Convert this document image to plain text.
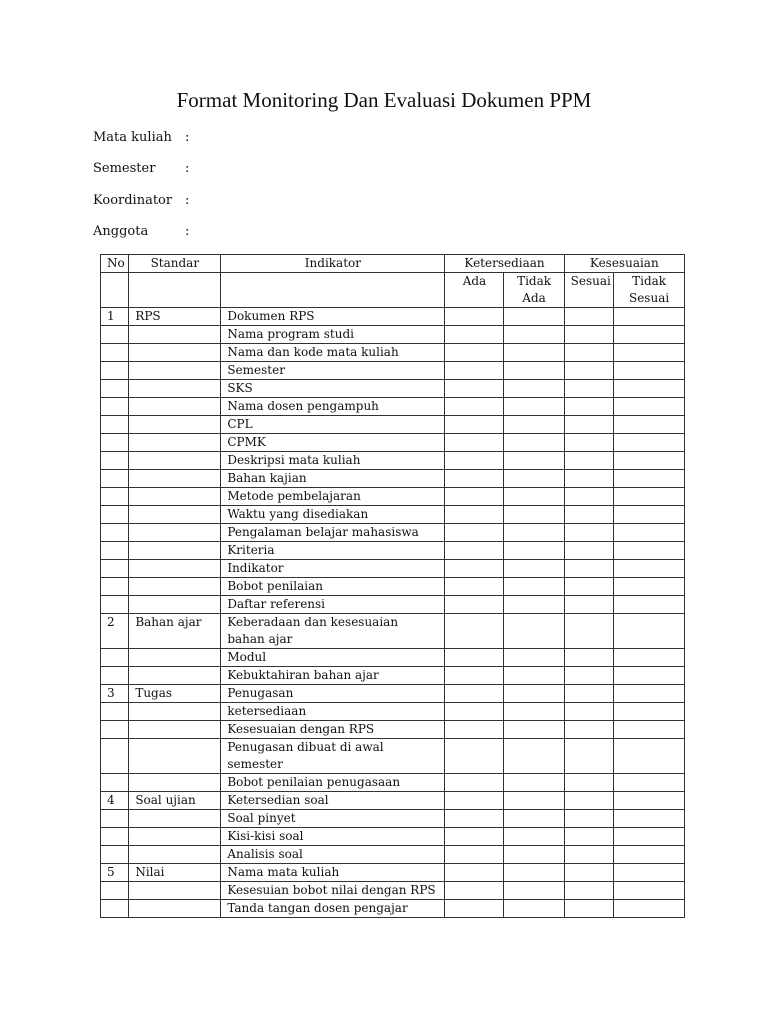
Format Monitoring Dan Evaluasi Dokumen PPM
Mata kuliah :
Semester :
Koordinator :
Anggota	:
No	Standar	Indikator	Ketersediaan		Kesesuaian	
			Ada	Tidak Ada	Sesuai	Tidak Sesuai
1	RPS	Dokumen RPS				
		Nama program studi				
		Nama dan kode mata kuliah				
		Semester				
		SKS				
		Nama dosen pengampuh				
		CPL				
		CPMK				
		Deskripsi mata kuliah				
		Bahan kajian				
		Metode pembelajaran				
		Waktu yang disediakan				
		Pengalaman belajar mahasiswa				
		Kriteria				
		Indikator				
		Bobot penilaian				
		Daftar referensi				
2	Bahan ajar	Keberadaan dan kesesuaian bahan ajar				
		Modul				
		Kebuktahiran bahan ajar				
3	Tugas	Penugasan				
		ketersediaan				
		Kesesuaian dengan RPS				
		Penugasan dibuat di awal semester				
		Bobot penilaian penugasaan				
4	Soal ujian	Ketersedian soal				
		Soal pinyet				
		Kisi-kisi soal				
		Analisis soal				
5	Nilai	Nama mata kuliah				
		Kesesuian bobot nilai dengan RPS				
		Tanda tangan dosen pengajar				
